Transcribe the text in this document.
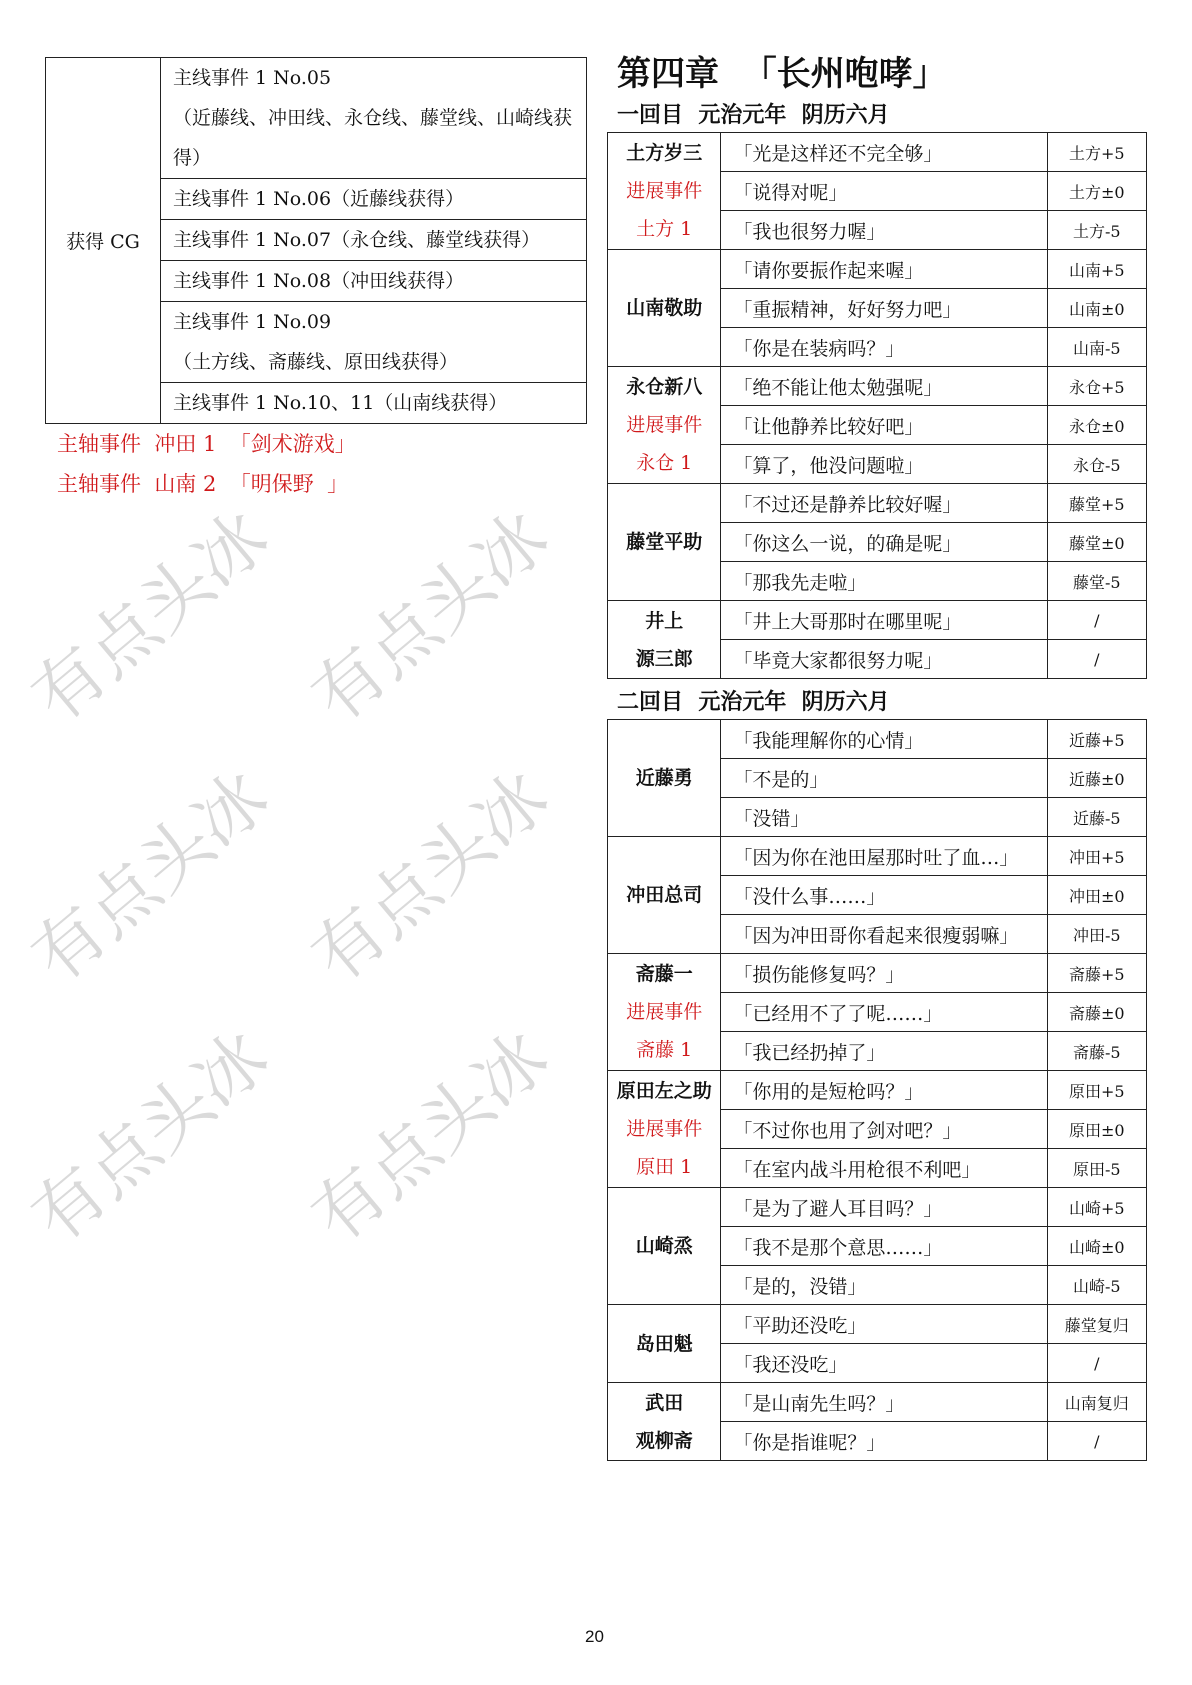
获得 CG	
主线事件 1 No.05
（近藤线、冲田线、永仓线、藤堂线、山崎线获得）

主线事件 1 No.06（近藤线获得）

主线事件 1 No.07（永仓线、藤堂线获得）

主线事件 1 No.08（冲田线获得）

主线事件 1 No.09
（土方线、斋藤线、原田线获得）

主线事件 1 No.10、11（山南线获得）
主轴事件  冲田 1  「剑术游戏」
主轴事件  山南 2  「明保野  」
第四章  「长州咆哮」
一回目  元治元年  阴历六月
土方岁三
进展事件
土方 1	「光是这样还不完全够」	土方+5
	「说得对呢」	土方±0
	「我也很努力喔」	土方-5

山南敬助	「请你要振作起来喔」	山南+5
	「重振精神，好好努力吧」	山南±0
	「你是在装病吗？」	山南-5

永仓新八
进展事件
永仓 1	「绝不能让他太勉强呢」	永仓+5
	「让他静养比较好吧」	永仓±0
	「算了，他没问题啦」	永仓-5

藤堂平助	「不过还是静养比较好喔」	藤堂+5
	「你这么一说，的确是呢」	藤堂±0
	「那我先走啦」	藤堂-5

井上
源三郎	「井上大哥那时在哪里呢」	/
	「毕竟大家都很努力呢」	/
二回目  元治元年  阴历六月
近藤勇	「我能理解你的心情」	近藤+5
	「不是的」	近藤±0
	「没错」	近藤-5

冲田总司	「因为你在池田屋那时吐了血…」	冲田+5
	「没什么事……」	冲田±0
	「因为冲田哥你看起来很瘦弱嘛」	冲田-5

斋藤一
进展事件
斋藤 1	「损伤能修复吗？」	斋藤+5
	「已经用不了了呢……」	斋藤±0
	「我已经扔掉了」	斋藤-5

原田左之助
进展事件
原田 1	「你用的是短枪吗？」	原田+5
	「不过你也用了剑对吧？」	原田±0
	「在室内战斗用枪很不利吧」	原田-5

山崎烝	「是为了避人耳目吗？」	山崎+5
	「我不是那个意思……」	山崎±0
	「是的，没错」	山崎-5

岛田魁	「平助还没吃」	藤堂复归
	「我还没吃」	/

武田
观柳斋	「是山南先生吗？」	山南复归
	「你是指谁呢？」	/
20
有点头冰 有点头冰
有点头冰 有点头冰
有点头冰 有点头冰
